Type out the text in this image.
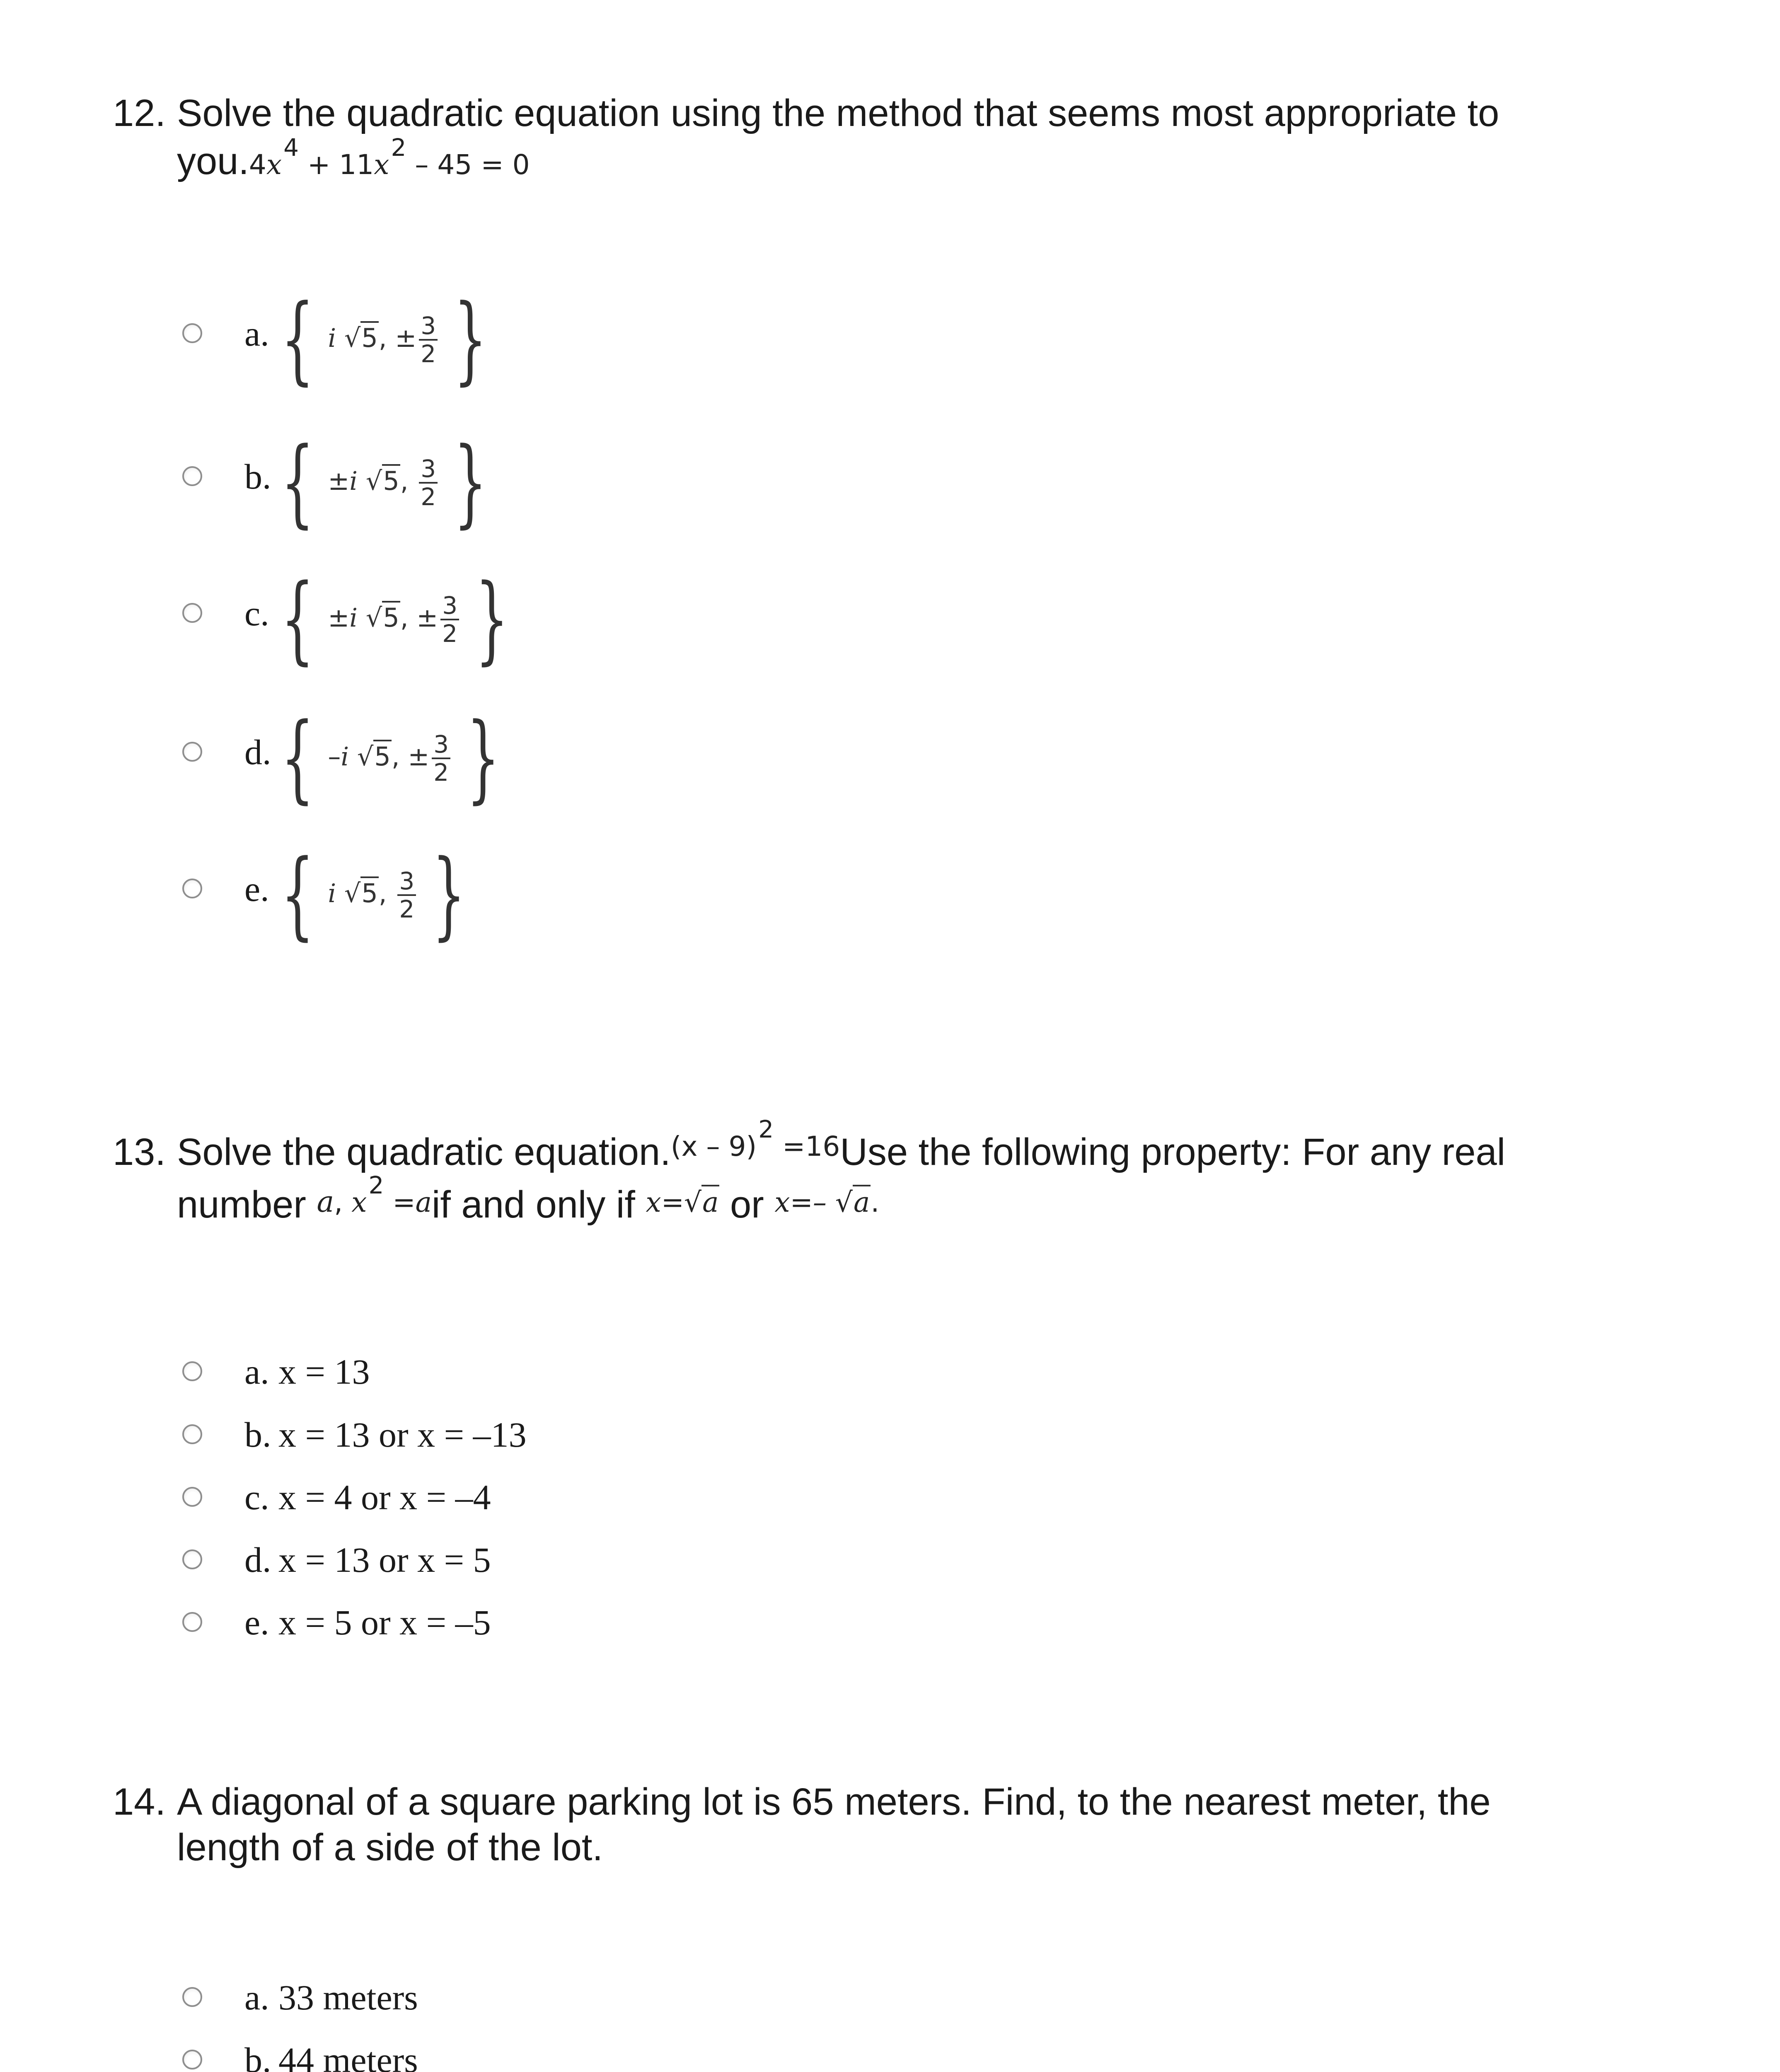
12. Solve the quadratic equation using the method that seems most appropriate to
you.4x4 + 11x2 – 45 = 0
a. { i √5, ± $\frac{3}{2}$ }
b. { ±i √5, $\frac{3}{2}$ }
c. { ±i √5, ± $\frac{3}{2}$ }
d. { –i √5, ± $\frac{3}{2}$ }
e. { i √5, $\frac{3}{2}$ }
13. Solve the quadratic equation.$^{(x - 9)2 =16}$Use the following property: For any real
number a, x2 =aif and only if x=√a or x=– √a.
a. x = 13
b. x = 13 or x = –13
c. x = 4 or x = –4
d. x = 13 or x = 5
e. x = 5 or x = –5
14. A diagonal of a square parking lot is 65 meters. Find, to the nearest meter, the
length of a side of the lot.
a. 33 meters
b. 44 meters
